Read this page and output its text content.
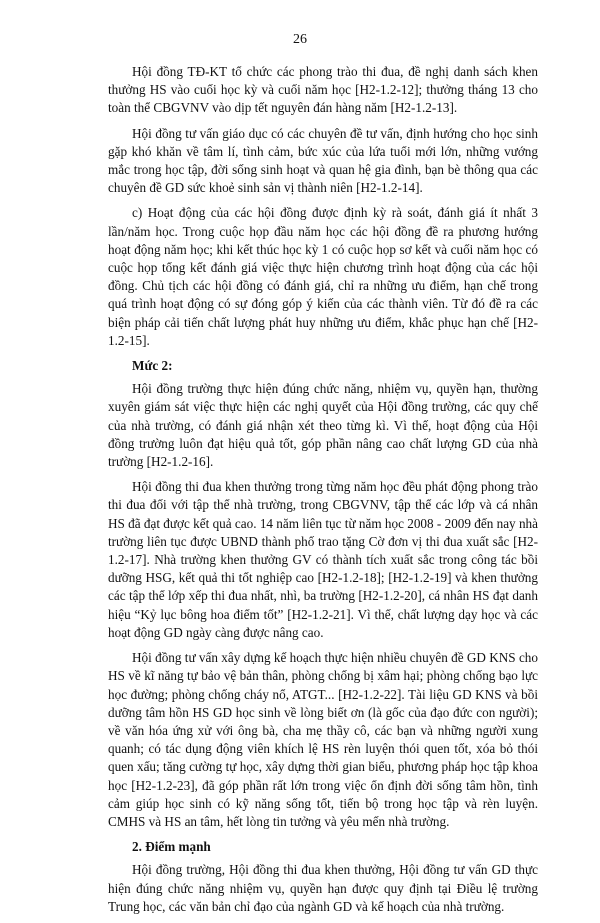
26

Hội đồng TĐ-KT tổ chức các phong trào thi đua, đề nghị danh sách khen thưởng HS vào cuối học kỳ và cuối năm học [H2-1.2-12]; thưởng tháng 13 cho toàn thể CBGVNV vào dịp tết nguyên đán hàng năm [H2-1.2-13].

Hội đồng tư vấn giáo dục có các chuyên đề tư vấn, định hướng cho học sinh gặp khó khăn về tâm lí, tình cảm, bức xúc của lứa tuổi mới lớn, những vướng mắc trong học tập, đời sống sinh hoạt và quan hệ gia đình, bạn bè thông qua các chuyên đề GD sức khoẻ sinh sản vị thành niên [H2-1.2-14].

c) Hoạt động của các hội đồng được định kỳ rà soát, đánh giá ít nhất 3 lần/năm học. Trong cuộc họp đầu năm học các hội đồng đề ra phương hướng hoạt động năm học; khi kết thúc học kỳ 1 có cuộc họp sơ kết và cuối năm học có cuộc họp tổng kết đánh giá việc thực hiện chương trình hoạt động của các hội đồng. Chủ tịch các hội đồng có đánh giá, chỉ ra những ưu điểm, hạn chế trong quá trình hoạt động có sự đóng góp ý kiến của các thành viên. Từ đó đề ra các biện pháp cải tiến chất lượng phát huy những ưu điểm, khắc phục hạn chế [H2-1.2-15].

Mức 2:

Hội đồng trường thực hiện đúng chức năng, nhiệm vụ, quyền hạn, thường xuyên giám sát việc thực hiện các nghị quyết của Hội đồng trường, các quy chế của nhà trường, có đánh giá nhận xét theo từng kì. Vì thế, hoạt động của Hội đồng trường luôn đạt hiệu quả tốt, góp phần nâng cao chất lượng GD của nhà trường [H2-1.2-16].

Hội đồng thi đua khen thưởng trong từng năm học đều phát động phong trào thi đua đối với tập thể nhà trường, trong CBGVNV, tập thể các lớp và cá nhân HS đã đạt được kết quả cao. 14 năm liên tục từ năm học 2008 - 2009 đến nay nhà trường liên tục được UBND thành phố trao tặng Cờ đơn vị thi đua xuất sắc [H2-1.2-17]. Nhà trường khen thưởng GV có thành tích xuất sắc trong công tác bồi dưỡng HSG, kết quả thi tốt nghiệp cao [H2-1.2-18]; [H2-1.2-19] và khen thưởng các tập thể lớp xếp thi đua nhất, nhì, ba trường [H2-1.2-20], cá nhân HS đạt danh hiệu “Kỷ lục bông hoa điểm tốt” [H2-1.2-21]. Vì thế, chất lượng dạy học và các hoạt động GD ngày càng được nâng cao.

Hội đồng tư vấn xây dựng kế hoạch thực hiện nhiều chuyên đề GD KNS cho HS về kĩ năng tự bảo vệ bản thân, phòng chống bị xâm hại; phòng chống bạo lực học đường; phòng chống cháy nổ, ATGT... [H2-1.2-22]. Tài liệu GD KNS và bồi dưỡng tâm hồn HS GD học sinh về lòng biết ơn (là gốc của đạo đức con người); về văn hóa ứng xử với ông bà, cha mẹ thầy cô, các bạn và những người xung quanh; có tác dụng động viên khích lệ HS rèn luyện thói quen tốt, xóa bỏ thói quen xấu; tăng cường tự học, xây dựng thời gian biểu, phương pháp học tập khoa học [H2-1.2-23], đã góp phần rất lớn trong việc ổn định đời sống tâm hồn, tình cảm giúp học sinh có kỹ năng sống tốt, tiến bộ trong học tập và rèn luyện. CMHS và HS an tâm, hết lòng tin tưởng và yêu mến nhà trường.

2. Điểm mạnh

Hội đồng trường, Hội đồng thi đua khen thưởng, Hội đồng tư vấn GD thực hiện đúng chức năng nhiệm vụ, quyền hạn được quy định tại Điều lệ trường Trung học, các văn bản chỉ đạo của ngành GD và kế hoạch của nhà trường.
